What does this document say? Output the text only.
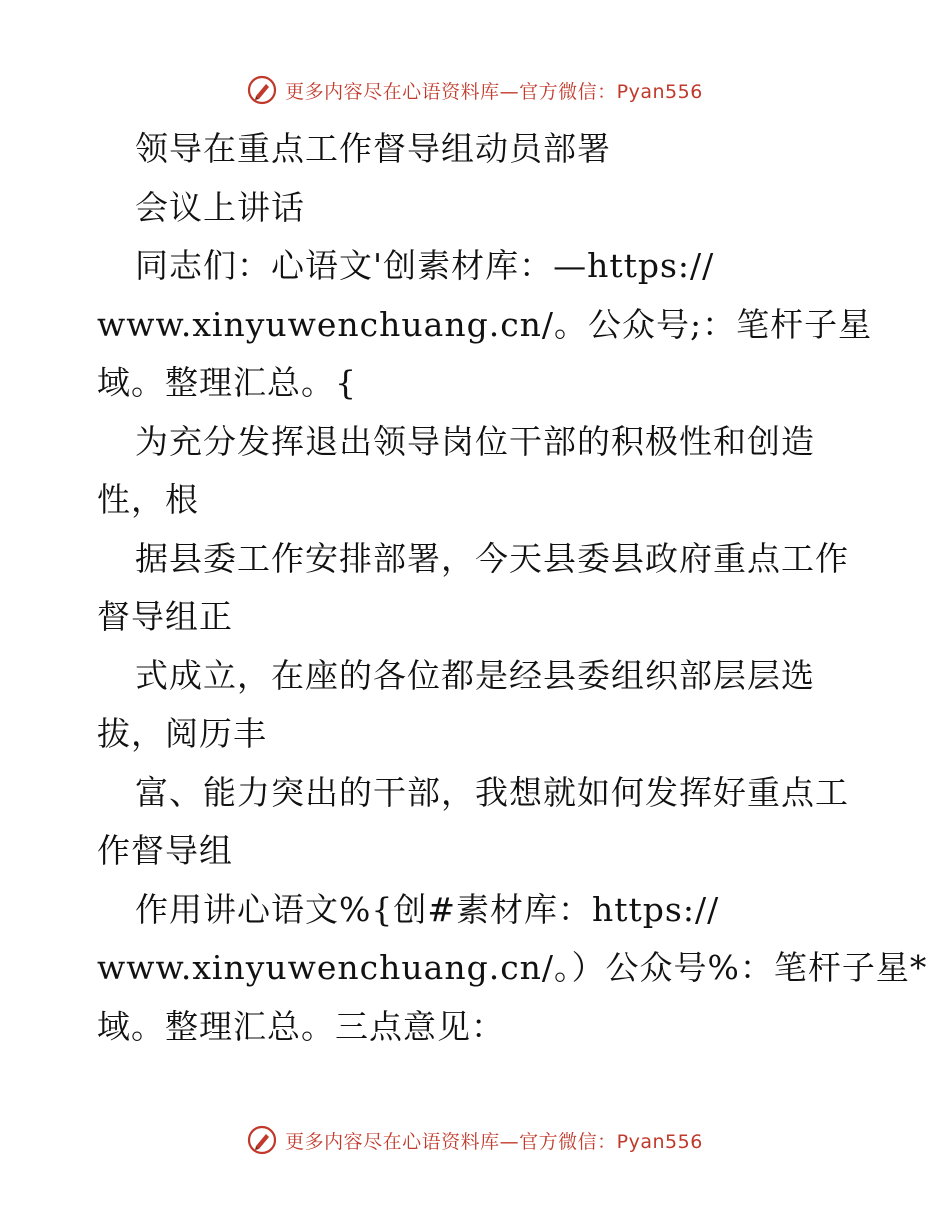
更多内容尽在心语资料库—官方微信：Pyan556
领导在重点工作督导组动员部署
会议上讲话
同志们：心语文'创素材库：—https://
www.xinyuwenchuang.cn/。公众号;：笔杆子星
域。整理汇总。{
为充分发挥退出领导岗位干部的积极性和创造
性，根
据县委工作安排部署，今天县委县政府重点工作
督导组正
式成立，在座的各位都是经县委组织部层层选
拔，阅历丰
富、能力突出的干部，我想就如何发挥好重点工
作督导组
作用讲心语文%{创#素材库：https://
www.xinyuwenchuang.cn/。）公众号%：笔杆子星*
域。整理汇总。三点意见：
更多内容尽在心语资料库—官方微信：Pyan556
